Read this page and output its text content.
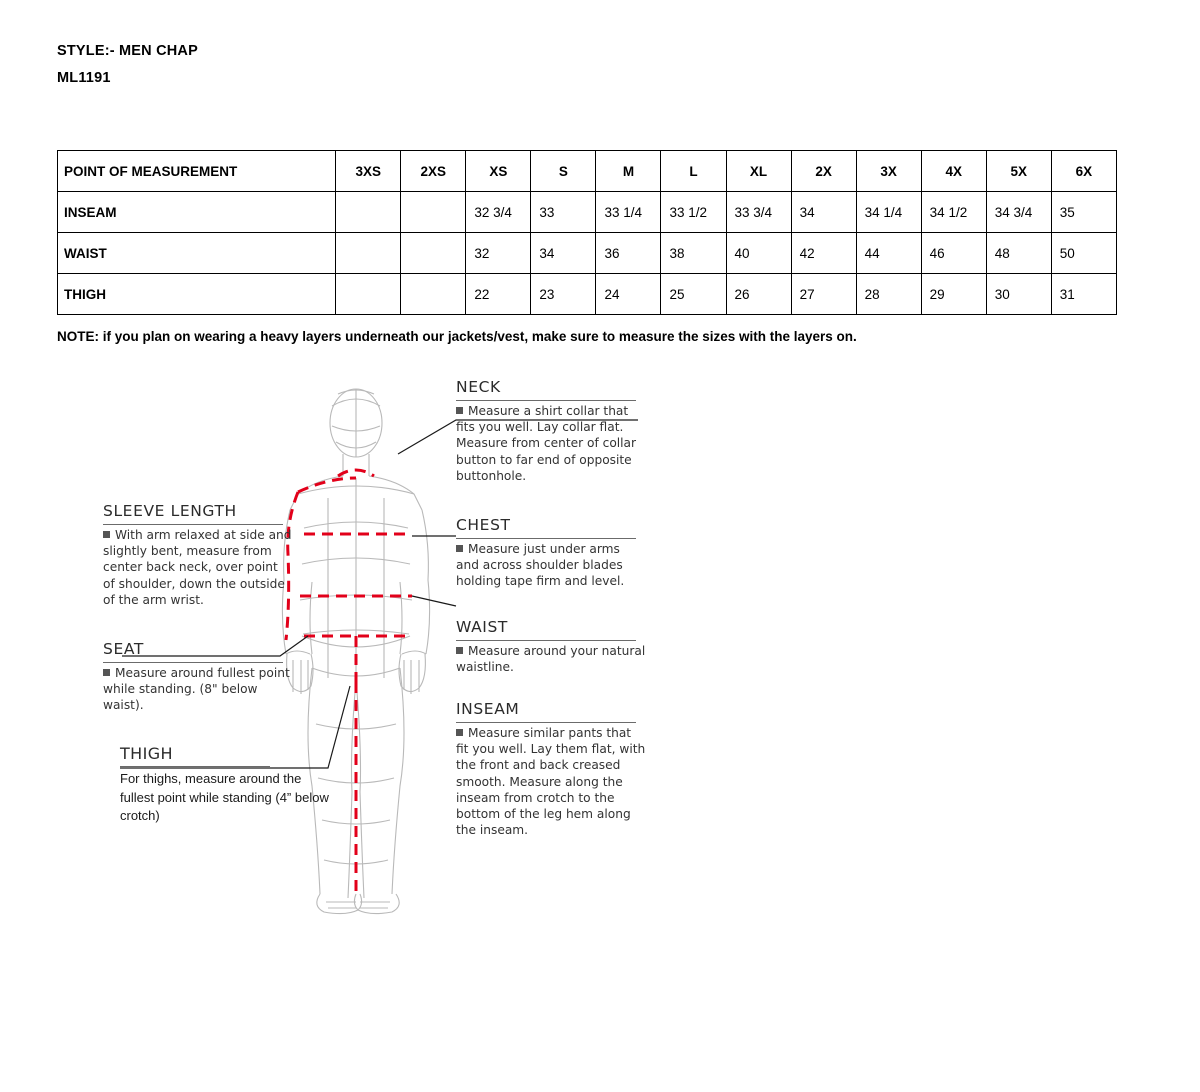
STYLE:- MEN CHAP
ML1191
POINT OF MEASUREMENT	3XS	2XS	XS	S	M	L	XL	2X	3X	4X	5X	6X
INSEAM			32 3/4	33	33 1/4	33 1/2	33 3/4	34	34 1/4	34 1/2	34 3/4	35
WAIST			32	34	36	38	40	42	44	46	48	50
THIGH			22	23	24	25	26	27	28	29	30	31
NOTE: if you plan on wearing a heavy layers underneath our jackets/vest, make sure to measure the sizes with the layers on.
NECK
Measure a shirt collar that fits you well. Lay collar flat. Measure from center of collar button to far end of opposite buttonhole.
SLEEVE LENGTH
With arm relaxed at side and slightly bent, measure from center back neck, over point of shoulder, down the outside of the arm wrist.
CHEST
Measure just under arms and across shoulder blades holding tape firm and level.
SEAT
Measure around fullest point while standing. (8" below waist).
WAIST
Measure around your natural waistline.
THIGH
For thighs, measure around the fullest point while standing (4” below crotch)
INSEAM
Measure similar pants that fit you well. Lay them flat, with the front and back creased smooth. Measure along the inseam from crotch to the bottom of the leg hem along the inseam.
